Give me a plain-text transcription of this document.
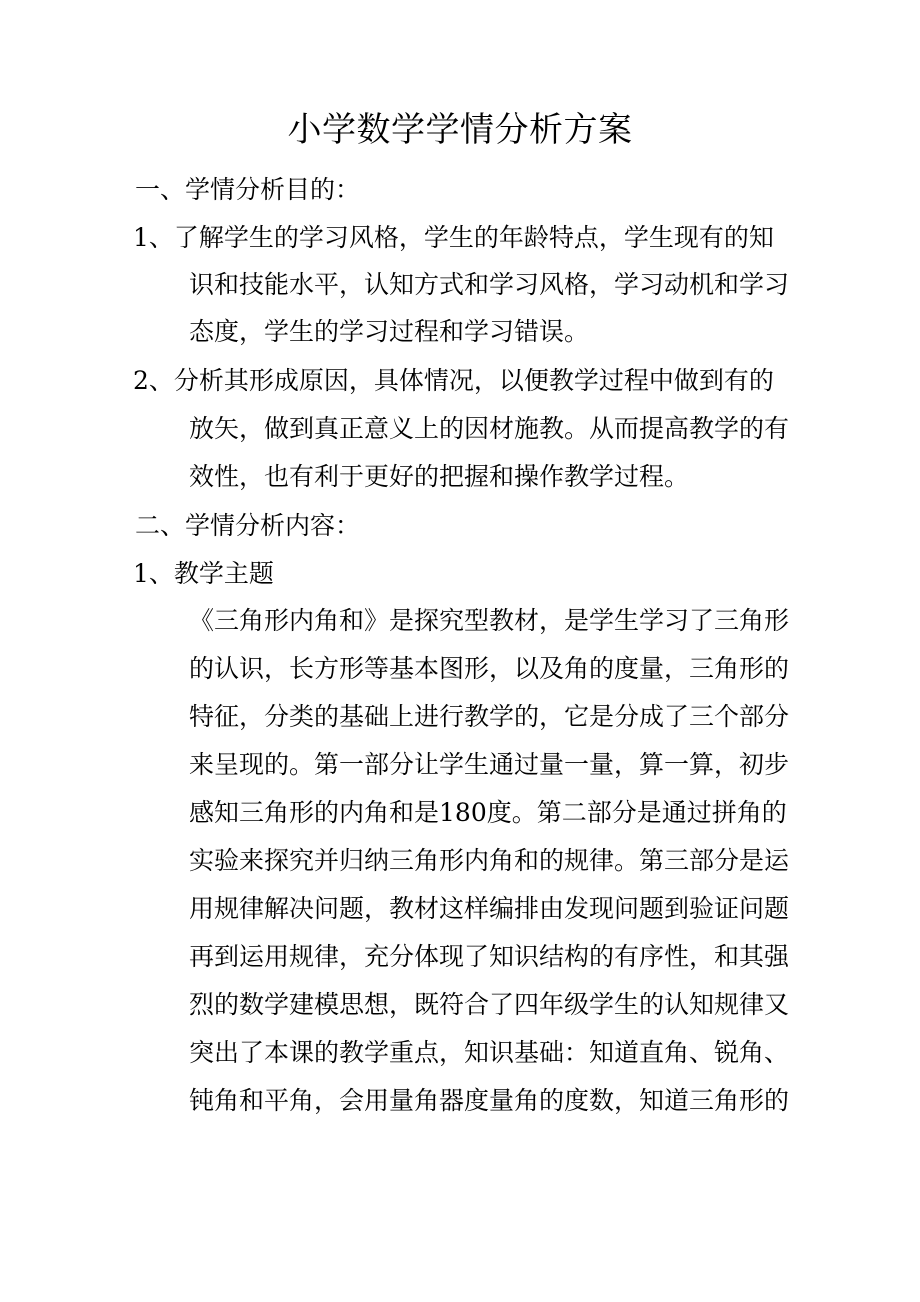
小学数学学情分析方案
一、学情分析目的：
1、了解学生的学习风格，学生的年龄特点，学生现有的知
识和技能水平，认知方式和学习风格，学习动机和学习
态度，学生的学习过程和学习错误。
2、分析其形成原因，具体情况，以便教学过程中做到有的
放矢，做到真正意义上的因材施教。从而提高教学的有
效性，也有利于更好的把握和操作教学过程。
二、学情分析内容：
1、教学主题
《三角形内角和》是探究型教材，是学生学习了三角形
的认识，长方形等基本图形，以及角的度量，三角形的
特征，分类的基础上进行教学的，它是分成了三个部分
来呈现的。第一部分让学生通过量一量，算一算，初步
感知三角形的内角和是180度。第二部分是通过拼角的
实验来探究并归纳三角形内角和的规律。第三部分是运
用规律解决问题，教材这样编排由发现问题到验证问题
再到运用规律，充分体现了知识结构的有序性，和其强
烈的数学建模思想，既符合了四年级学生的认知规律又
突出了本课的教学重点，知识基础：知道直角、锐角、
钝角和平角，会用量角器度量角的度数，知道三角形的
